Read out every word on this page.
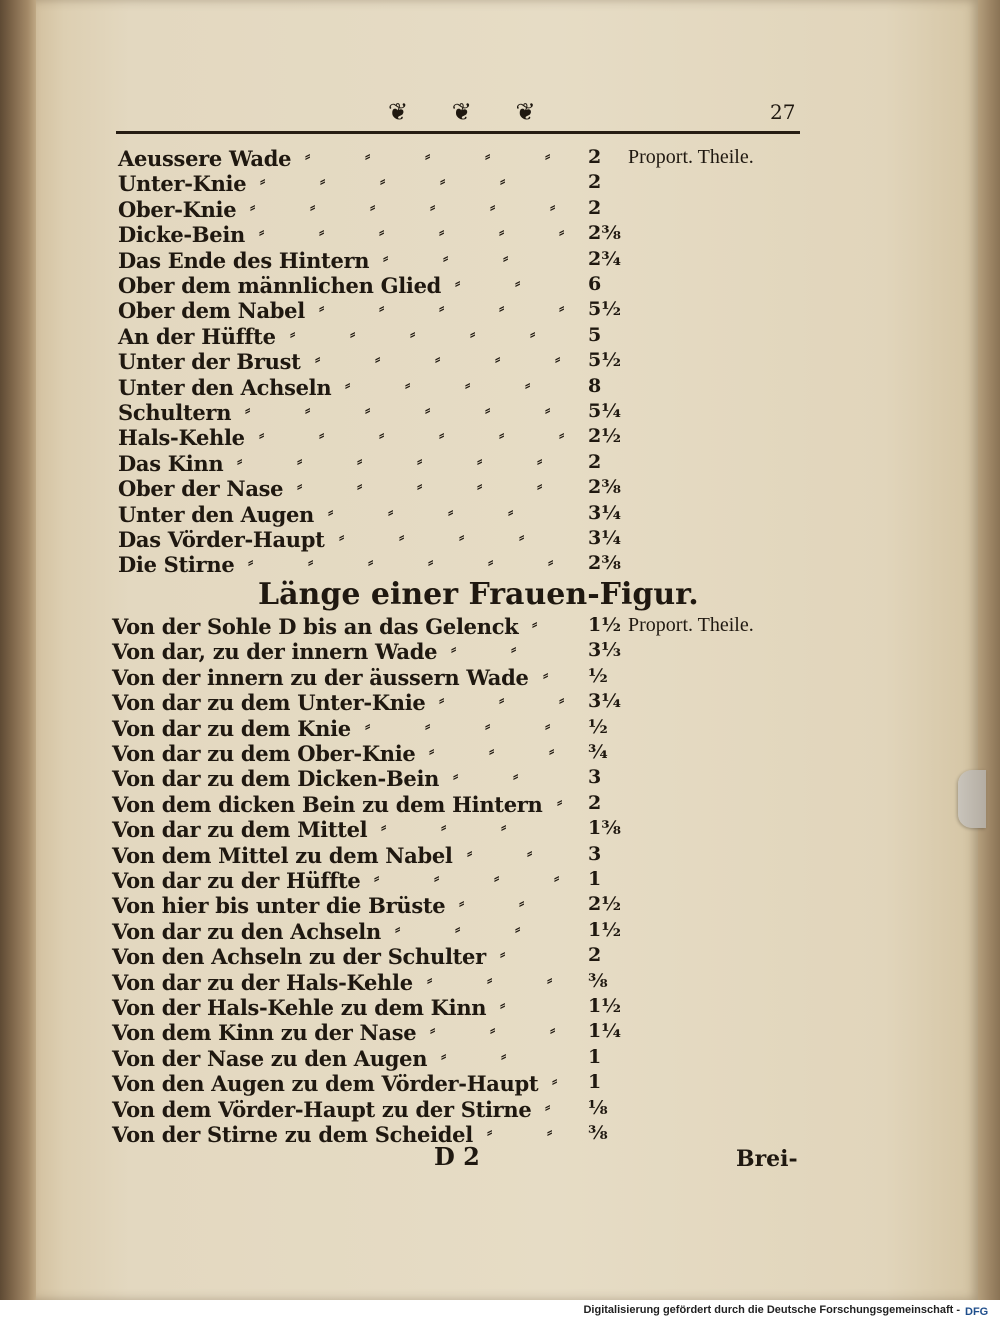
❦ ❦ ❦	27
Aeussere Wade	2
⸗	⸗	⸗	⸗	⸗
Unter-Knie	2
⸗	⸗	⸗	⸗	⸗
Ober-Knie	2
⸗	⸗	⸗	⸗	⸗	⸗
Dicke-Bein	2⅜
⸗	⸗	⸗	⸗	⸗	⸗
Das Ende des Hintern	2¾
⸗	⸗	⸗
Ober dem männlichen Glied	6
⸗	⸗
Ober dem Nabel	5½
⸗	⸗	⸗	⸗	⸗
An der Hüffte	5
⸗	⸗	⸗	⸗	⸗
Unter der Brust	5½
⸗	⸗	⸗	⸗	⸗
Unter den Achseln	8
⸗	⸗	⸗	⸗
Schultern	5¼
⸗	⸗	⸗	⸗	⸗	⸗
Hals-Kehle	2½
⸗	⸗	⸗	⸗	⸗	⸗
Das Kinn	2
⸗	⸗	⸗	⸗	⸗	⸗
Ober der Nase	2⅜
⸗	⸗	⸗	⸗	⸗
Unter den Augen	3¼
⸗	⸗	⸗	⸗
Das Vörder-Haupt	3¼
⸗	⸗	⸗	⸗
Die Stirne	2⅜
⸗	⸗	⸗	⸗	⸗	⸗
Proport. Theile.
Länge einer Frauen-Figur.
Von der Sohle D bis an das Gelenck	1½
⸗
Von dar, zu der innern Wade	3⅓
⸗	⸗
Von der innern zu der äussern Wade	½
⸗
Von dar zu dem Unter-Knie	3¼
⸗	⸗	⸗
Von dar zu dem Knie	½
⸗	⸗	⸗	⸗
Von dar zu dem Ober-Knie	¾
⸗	⸗	⸗
Von dar zu dem Dicken-Bein	3
⸗	⸗
Von dem dicken Bein zu dem Hintern 2
⸗
Von dar zu dem Mittel	1⅜
⸗	⸗	⸗
Von dem Mittel zu dem Nabel	3
⸗	⸗
Von dar zu der Hüffte	1
⸗	⸗	⸗	⸗
Von hier bis unter die Brüste	2½
⸗	⸗
Von dar zu den Achseln	1½
⸗	⸗	⸗
Von den Achseln zu der Schulter	2
⸗
Von dar zu der Hals-Kehle	⅜
⸗	⸗	⸗
Von der Hals-Kehle zu dem Kinn	1½
⸗
Von dem Kinn zu der Nase	1¼
⸗	⸗	⸗
Von der Nase zu den Augen	1
⸗	⸗
Von den Augen zu dem Vörder-Haupt	1
⸗
Von dem Vörder-Haupt zu der Stirne	⅛
⸗
Von der Stirne zu dem Scheidel	⅜
⸗	⸗
Proport. Theile.
D 2	Brei-
Digitalisierung gefördert durch die Deutsche Forschungsgemeinschaft - DFG
